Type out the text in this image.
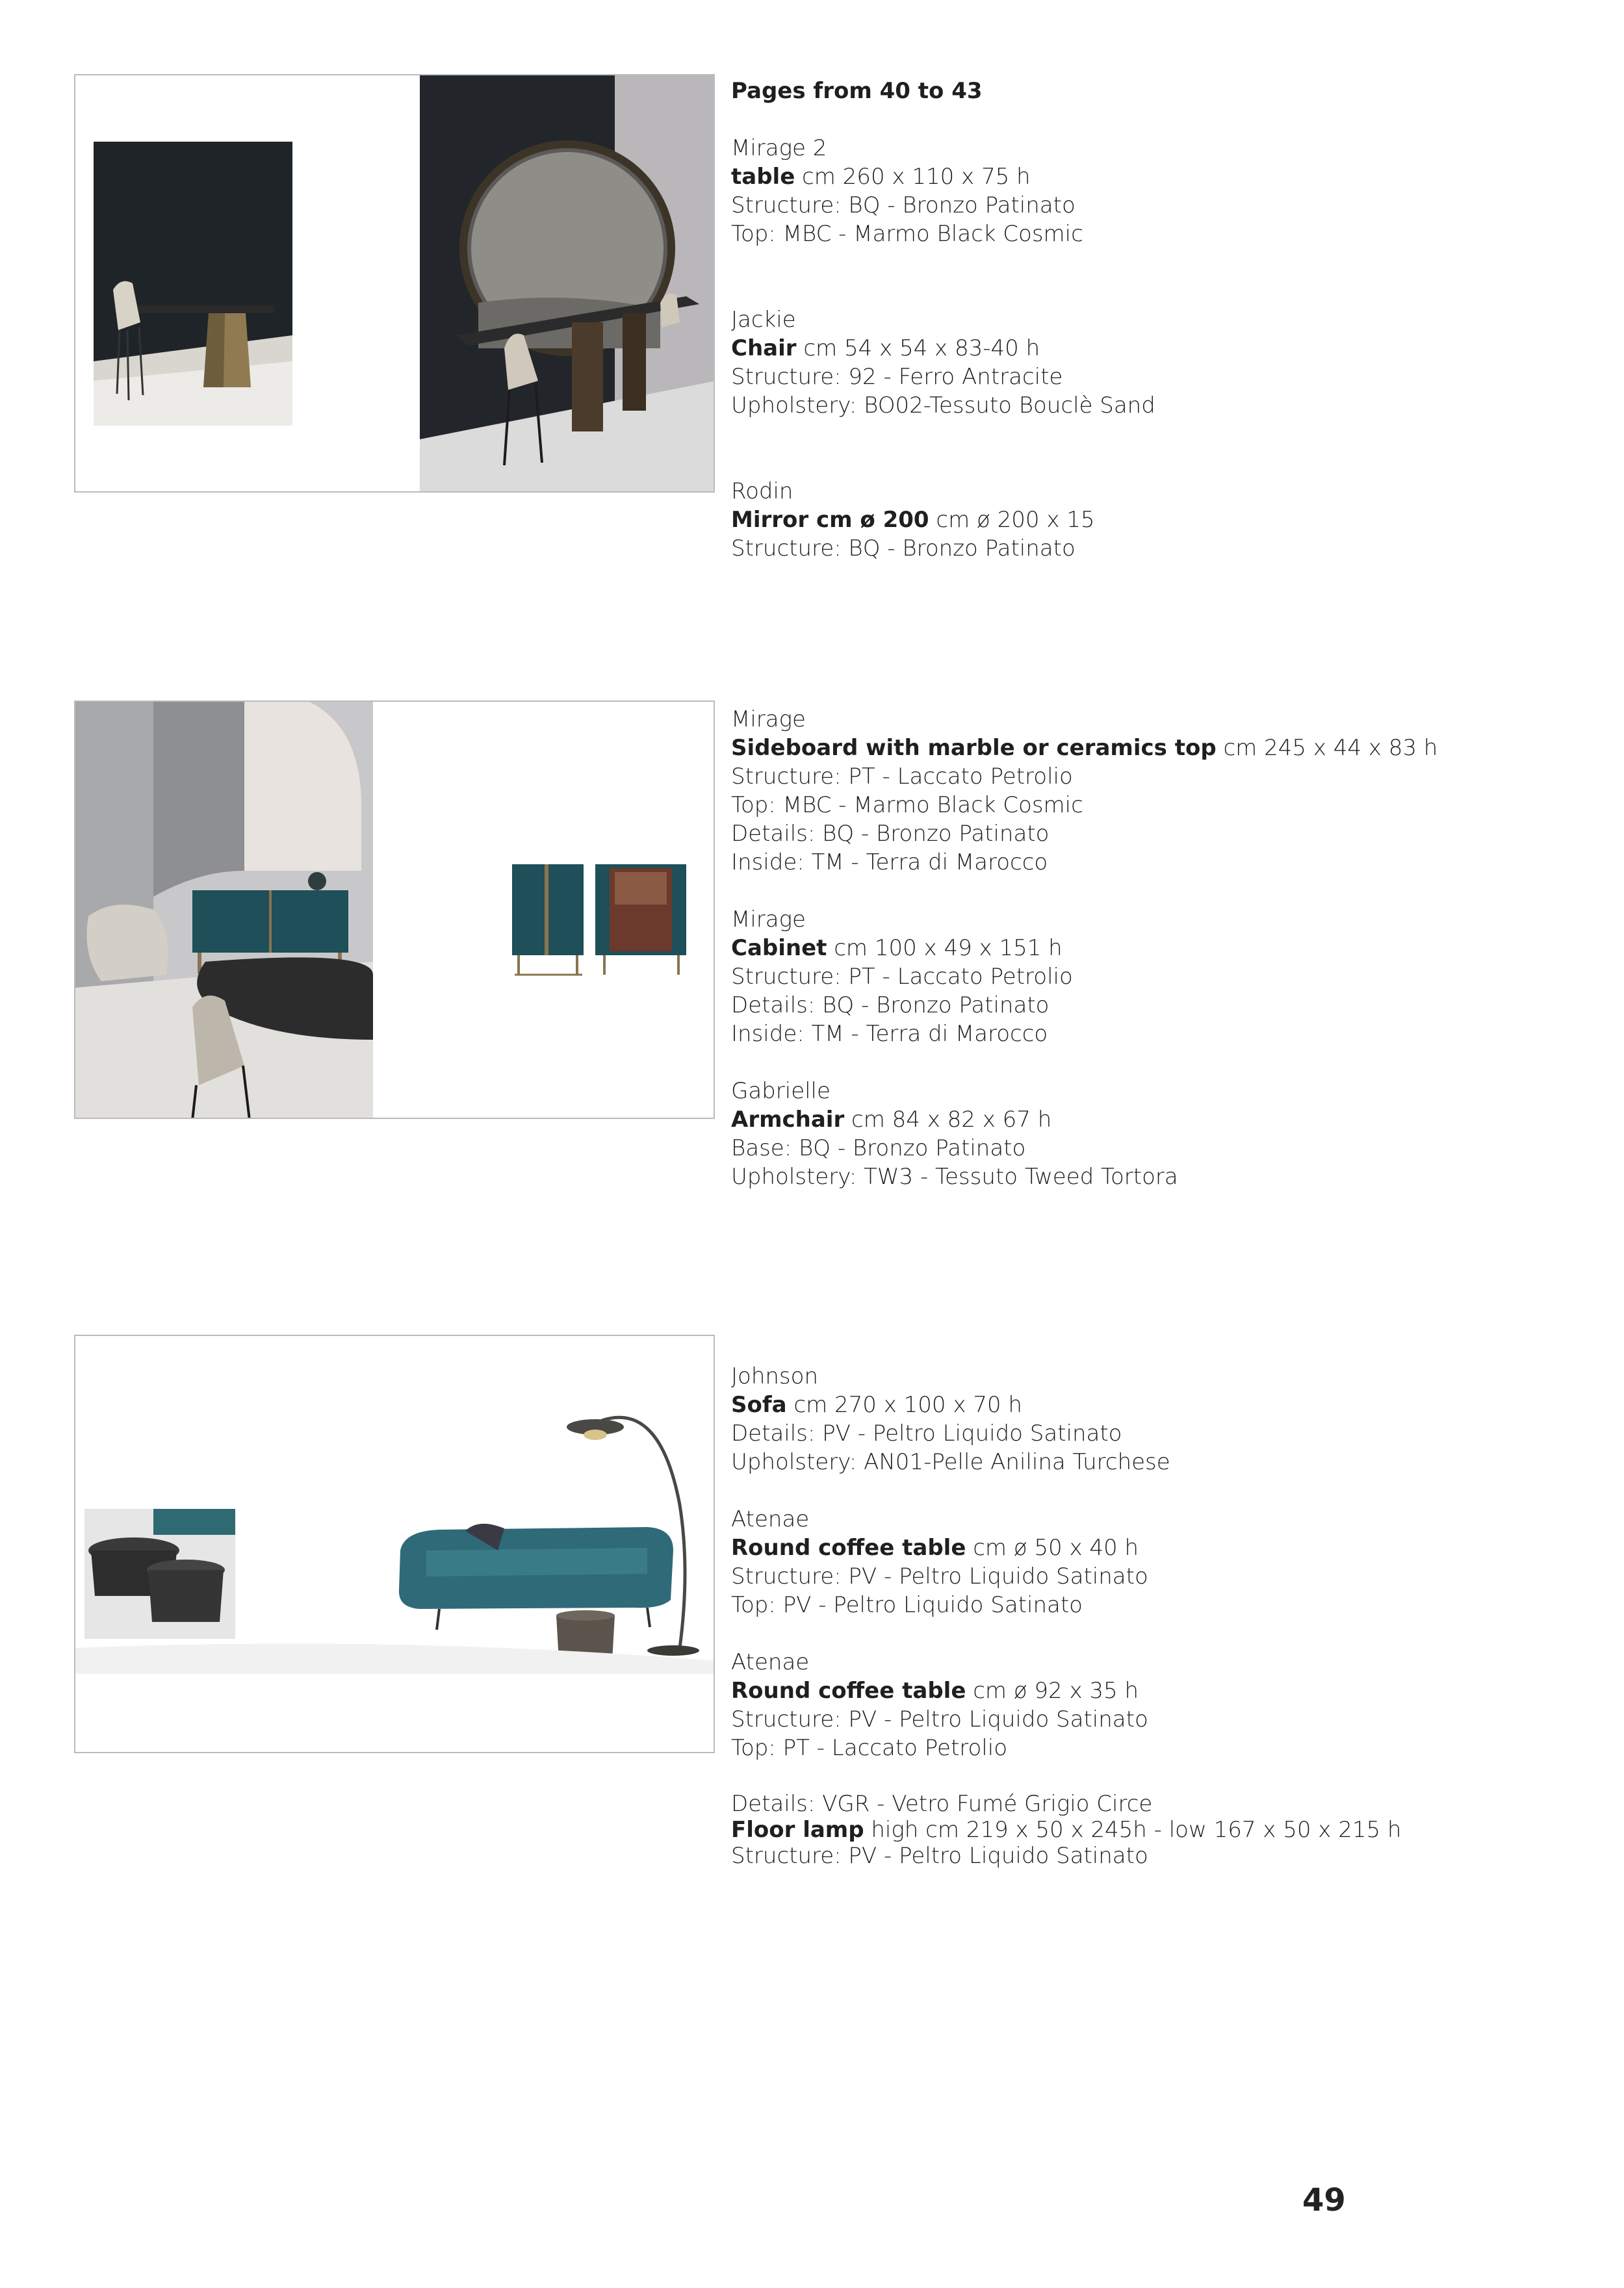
Pages from 40 to 43

Mirage 2

table cm 260 x 110 x 75 h

Structure: BQ - Bronzo Patinato

Top: MBC - Marmo Black Cosmic

Jackie

Chair cm 54 x 54 x 83-40 h

Structure: 92 - Ferro Antracite

Upholstery: BO02-Tessuto Bouclè Sand

Rodin

Mirror cm ø 200 cm ø 200 x 15

Structure: BQ - Bronzo Patinato

Mirage

Sideboard with marble or ceramics top cm 245 x 44 x 83 h

Structure: PT - Laccato Petrolio

Top: MBC - Marmo Black Cosmic

Details: BQ - Bronzo Patinato

Inside: TM - Terra di Marocco

Mirage

Cabinet cm 100 x 49 x 151 h

Structure: PT - Laccato Petrolio

Details: BQ - Bronzo Patinato

Inside: TM - Terra di Marocco

Gabrielle

Armchair cm 84 x 82 x 67 h

Base: BQ - Bronzo Patinato

Upholstery: TW3 - Tessuto Tweed Tortora

Johnson

Sofa cm 270 x 100 x 70 h

Details: PV - Peltro Liquido Satinato

Upholstery: AN01-Pelle Anilina Turchese

Atenae

Round coffee table cm ø 50 x 40 h

Structure: PV - Peltro Liquido Satinato

Top: PV - Peltro Liquido Satinato

Atenae

Round coffee table cm ø 92 x 35 h

Structure: PV - Peltro Liquido Satinato

Top: PT - Laccato Petrolio

Details: VGR - Vetro Fumé Grigio Circe

Floor lamp high cm 219 x 50 x 245h - low 167 x 50 x 215 h

Structure: PV - Peltro Liquido Satinato

49
